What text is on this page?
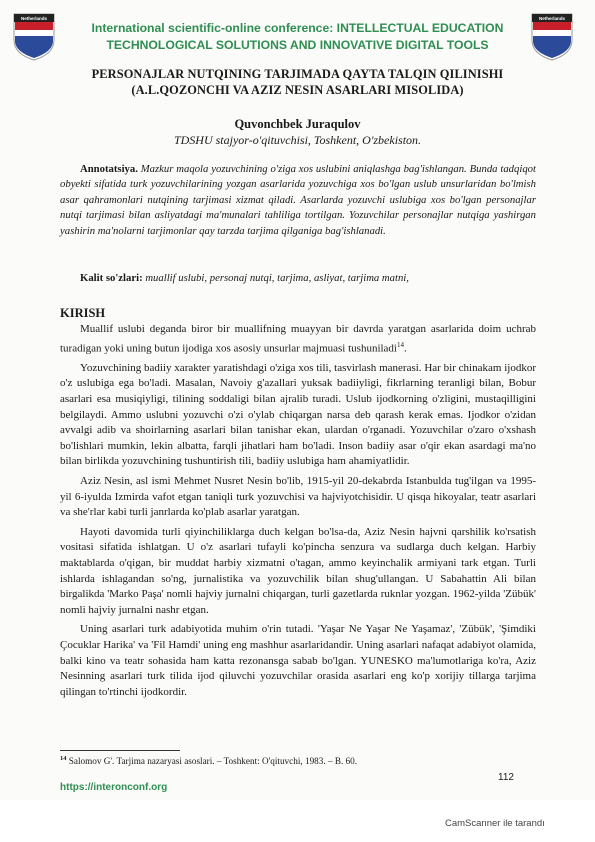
Netherlands	Netherlands
International scientific-online conference: INTELLECTUAL EDUCATION
TECHNOLOGICAL SOLUTIONS AND INNOVATIVE DIGITAL TOOLS
PERSONAJLAR NUTQINING TARJIMADA QAYTA TALQIN QILINISHI
(A.L.QOZONCHI VA AZIZ NESIN ASARLARI MISOLIDA)
Quvonchbek Juraqulov
TDSHU stajyor-o'qituvchisi, Toshkent, O'zbekiston.
Annotatsiya. Mazkur maqola yozuvchining o'ziga xos uslubini aniqlashga bag'ishlangan. Bunda tadqiqot obyekti sifatida turk yozuvchilarining yozgan asarlarida yozuvchiga xos bo'lgan uslub unsurlaridan bo'lmish asar qahramonlari nutqining tarjimasi xizmat qiladi. Asarlarda yozuvchi uslubiga xos bo'lgan personajlar nutqi tarjimasi bilan asliyatdagi ma'munalari tahliliga tortilgan. Yozuvchilar personajlar nutqiga yashirgan yashirin ma'nolarni tarjimonlar qay tarzda tarjima qilganiga bag'ishlanadi.
Kalit so'zlari: muallif uslubi, personaj nutqi, tarjima, asliyat, tarjima matni,
KIRISH

Muallif uslubi deganda biror bir muallifning muayyan bir davrda yaratgan asarlarida doim uchrab turadigan yoki uning butun ijodiga xos asosiy unsurlar majmuasi tushuniladi$^{14}$.

Yozuvchining badiiy xarakter yaratishdagi o'ziga xos tili, tasvirlash manerasi. Har bir chinakam ijodkor o'z uslubiga ega bo'ladi. Masalan, Navoiy g'azallari yuksak badiiyligi, fikrlarning teranligi bilan, Bobur asarlari esa musiqiyligi, tilining soddaligi bilan ajralib turadi. Uslub ijodkorning o'zligini, mustaqilligini belgilaydi. Ammo uslubni yozuvchi o'zi o'ylab chiqargan narsa deb qarash kerak emas. Ijodkor o'zidan avvalgi adib va shoirlarning asarlari bilan tanishar ekan, ulardan o'rganadi. Yozuvchilar o'zaro o'xshash bo'lishlari mumkin, lekin albatta, farqli jihatlari ham bo'ladi. Inson badiiy asar o'qir ekan asardagi ma'no bilan birlikda yozuvchining tushuntirish tili, badiiy uslubiga ham ahamiyatlidir.

Aziz Nesin, asl ismi Mehmet Nusret Nesin bo'lib, 1915-yil 20-dekabrda Istanbulda tug'ilgan va 1995-yil 6-iyulda Izmirda vafot etgan taniqli turk yozuvchisi va hajviyotchisidir. U qisqa hikoyalar, teatr asarlari va she'rlar kabi turli janrlarda ko'plab asarlar yaratgan.

Hayoti davomida turli qiyinchiliklarga duch kelgan bo'lsa-da, Aziz Nesin hajvni qarshilik ko'rsatish vositasi sifatida ishlatgan. U o'z asarlari tufayli ko'pincha senzura va sudlarga duch kelgan. Harbiy maktablarda o'qigan, bir muddat harbiy xizmatni o'tagan, ammo keyinchalik armiyani tark etgan. Turli ishlarda ishlagandan so'ng, jurnalistika va yozuvchilik bilan shug'ullangan. U Sabahattin Ali bilan birgalikda 'Marko Paşa' nomli hajviy jurnalni chiqargan, turli gazetlarda ruknlar yozgan. 1962-yilda 'Zübük' nomli hajviy jurnalni nashr etgan.

Uning asarlari turk adabiyotida muhim o'rin tutadi. 'Yaşar Ne Yaşar Ne Yaşamaz', 'Zübük', 'Şimdiki Çocuklar Harika' va 'Fil Hamdi' uning eng mashhur asarlaridandir. Uning asarlari nafaqat adabiyot olamida, balki kino va teatr sohasida ham katta rezonansga sabab bo'lgan. YUNESKO ma'lumotlariga ko'ra, Aziz Nesinning asarlari turk tilida ijod qiluvchi yozuvchilar orasida asarlari eng ko'p xorijiy tillarga tarjima qilingan to'rtinchi ijodkordir.

$^{14}$ Salomov G'. Tarjima nazaryasi asoslari. – Toshkent: O'qituvchi, 1983. – B. 60.
112
https://interonconf.org
CamScanner ile tarandı
